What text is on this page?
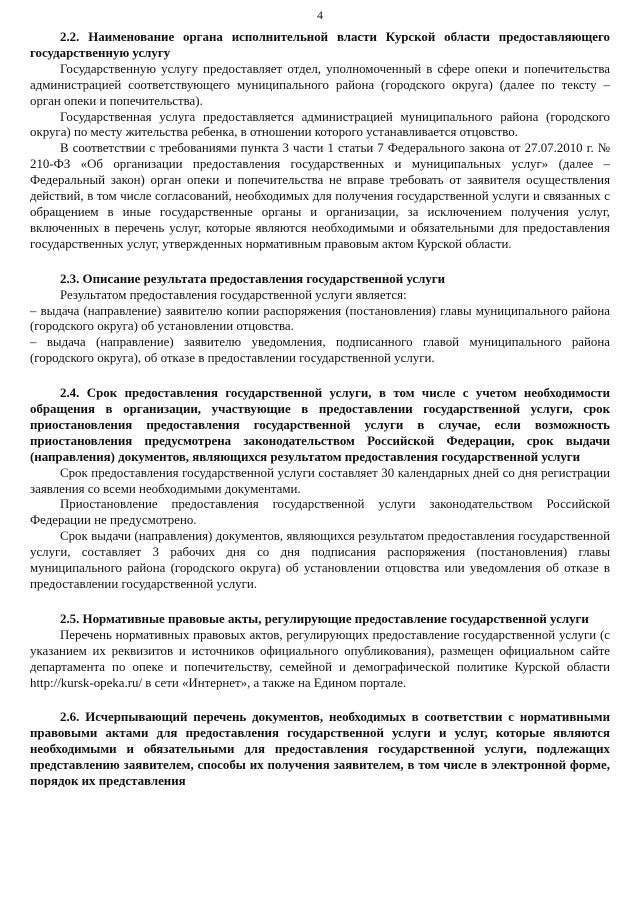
4

2.2. Наименование органа исполнительной власти Курской области предоставляющего государственную услугу

Государственную услугу предоставляет отдел, уполномоченный в сфере опеки и попечительства администрацией соответствующего муниципального района (городского округа) (далее по тексту – орган опеки и попечительства).

Государственная услуга предоставляется администрацией муниципального района (городского округа) по месту жительства ребенка, в отношении которого устанавливается отцовство.

В соответствии с требованиями пункта 3 части 1 статьи 7 Федерального закона от 27.07.2010 г. № 210-ФЗ «Об организации предоставления государственных и муниципальных услуг» (далее – Федеральный закон) орган опеки и попечительства не вправе требовать от заявителя осуществления действий, в том числе согласований, необходимых для получения государственной услуги и связанных с обращением в иные государственные органы и организации, за исключением получения услуг, включенных в перечень услуг, которые являются необходимыми и обязательными для предоставления государственных услуг, утвержденных нормативным правовым актом Курской области.

2.3. Описание результата предоставления государственной услуги

Результатом предоставления государственной услуги является:

– выдача (направление) заявителю копии распоряжения (постановления) главы муниципального района (городского округа) об установлении отцовства.

– выдача (направление) заявителю уведомления, подписанного главой муниципального района (городского округа), об отказе в предоставлении государственной услуги.

2.4. Срок предоставления государственной услуги, в том числе с учетом необходимости обращения в организации, участвующие в предоставлении государственной услуги, срок приостановления предоставления государственной услуги в случае, если возможность приостановления предусмотрена законодательством Российской Федерации, срок выдачи (направления) документов, являющихся результатом предоставления государственной услуги

Срок предоставления государственной услуги составляет 30 календарных дней со дня регистрации заявления со всеми необходимыми документами.

Приостановление предоставления государственной услуги законодательством Российской Федерации не предусмотрено.

Срок выдачи (направления) документов, являющихся результатом предоставления государственной услуги, составляет 3 рабочих дня со дня подписания распоряжения (постановления) главы муниципального района (городского округа) об установлении отцовства или уведомления об отказе в предоставлении государственной услуги.

2.5. Нормативные правовые акты, регулирующие предоставление государственной услуги

Перечень нормативных правовых актов, регулирующих предоставление государственной услуги (с указанием их реквизитов и источников официального опубликования), размещен официальном сайте департамента по опеке и попечительству, семейной и демографической политике Курской области http://kursk-opeka.ru/ в сети «Интернет», а также на Едином портале.

2.6. Исчерпывающий перечень документов, необходимых в соответствии с нормативными правовыми актами для предоставления государственной услуги и услуг, которые являются необходимыми и обязательными для предоставления государственной услуги, подлежащих представлению заявителем, способы их получения заявителем, в том числе в электронной форме, порядок их представления
